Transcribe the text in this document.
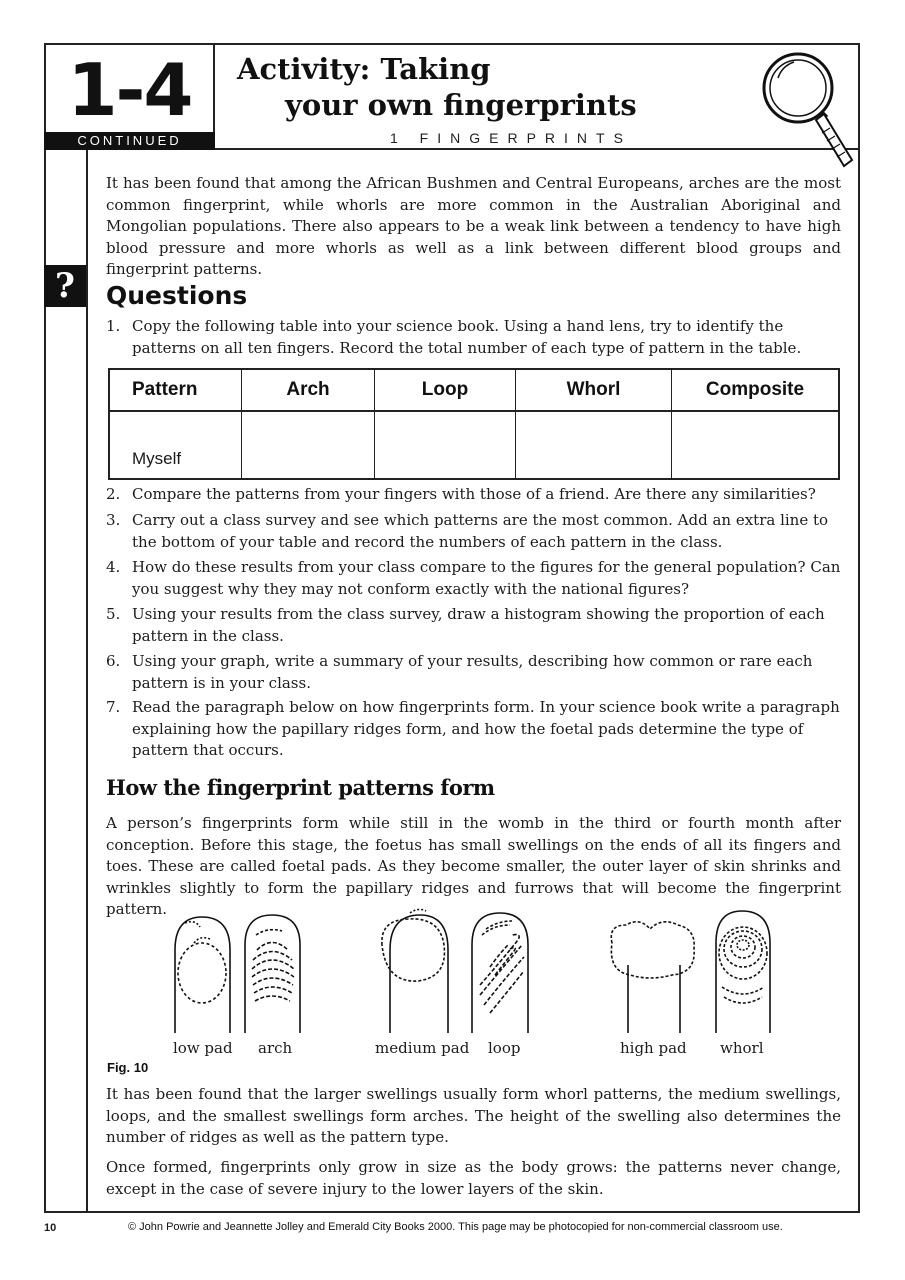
1-4
CONTINUED
Activity: Taking
your own fingerprints
1 FINGERPRINTS
?
It has been found that among the African Bushmen and Central Europeans, arches are the most common fingerprint, while whorls are more common in the Australian Aboriginal and Mongolian populations. There also appears to be a weak link between a tendency to have high blood pressure and more whorls as well as a link between different blood groups and fingerprint patterns.
Questions
1. Copy the following table into your science book. Using a hand lens, try to identify the patterns on all ten fingers. Record the total number of each type of pattern in the table.
Pattern	Arch	Loop	Whorl	Composite
Myself				
2. Compare the patterns from your fingers with those of a friend. Are there any similarities?
3. Carry out a class survey and see which patterns are the most common. Add an extra line to the bottom of your table and record the numbers of each pattern in the class.
4. How do these results from your class compare to the figures for the general population? Can you suggest why they may not conform exactly with the national figures?
5. Using your results from the class survey, draw a histogram showing the proportion of each pattern in the class.
6. Using your graph, write a summary of your results, describing how common or rare each pattern is in your class.
7. Read the paragraph below on how fingerprints form. In your science book write a paragraph explaining how the papillary ridges form, and how the foetal pads determine the type of pattern that occurs.
How the fingerprint patterns form
A person’s fingerprints form while still in the womb in the third or fourth month after conception. Before this stage, the foetus has small swellings on the ends of all its fingers and toes. These are called foetal pads. As they become smaller, the outer layer of skin shrinks and wrinkles slightly to form the papillary ridges and furrows that will become the fingerprint pattern.
low pad arch	medium pad loop	high pad whorl
Fig. 10
It has been found that the larger swellings usually form whorl patterns, the medium swellings, loops, and the smallest swellings form arches. The height of the swelling also determines the number of ridges as well as the pattern type.
Once formed, fingerprints only grow in size as the body grows: the patterns never change, except in the case of severe injury to the lower layers of the skin.
10	© John Powrie and Jeannette Jolley and Emerald City Books 2000. This page may be photocopied for non-commercial classroom use.
